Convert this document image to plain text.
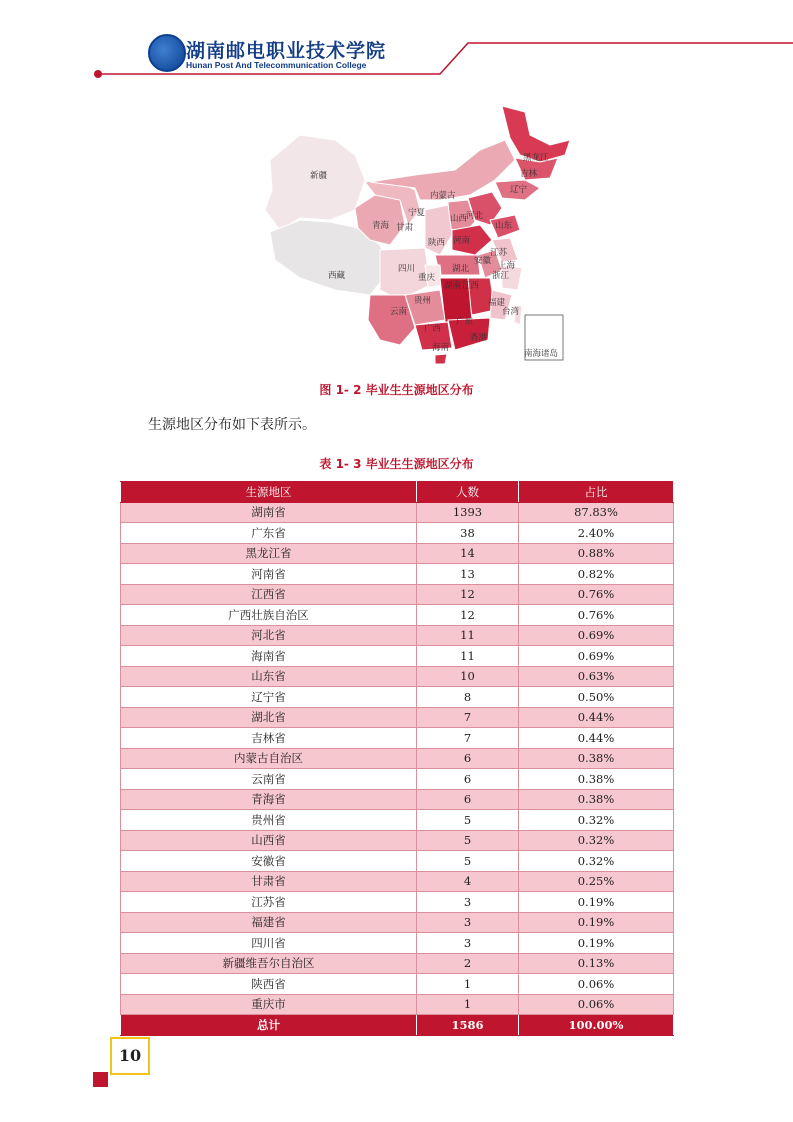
湖南邮电职业技术学院
Hunan Post And Telecommunication College
新疆
西藏
青海 甘肃
宁夏
内蒙古
黑龙江
吉林
辽宁
山西
河北
山东
陕西 河南
江苏
安徽 上海
湖北
浙江
四川
重庆
江西
湖南
贵州	福建
台湾
云南
广西
广东
香港
海南
南海诸岛
图 1- 2 毕业生生源地区分布
生源地区分布如下表所示。
表 1- 3 毕业生生源地区分布
生源地区	人数	占比
湖南省	1393	87.83%
广东省	38	2.40%
黑龙江省	14	0.88%
河南省	13	0.82%
江西省	12	0.76%
广西壮族自治区	12	0.76%
河北省	11	0.69%
海南省	11	0.69%
山东省	10	0.63%
辽宁省	8	0.50%
湖北省	7	0.44%
吉林省	7	0.44%
内蒙古自治区	6	0.38%
云南省	6	0.38%
青海省	6	0.38%
贵州省	5	0.32%
山西省	5	0.32%
安徽省	5	0.32%
甘肃省	4	0.25%
江苏省	3	0.19%
福建省	3	0.19%
四川省	3	0.19%
新疆维吾尔自治区	2	0.13%
陕西省	1	0.06%
重庆市	1	0.06%
总计	1586	100.00%
10
